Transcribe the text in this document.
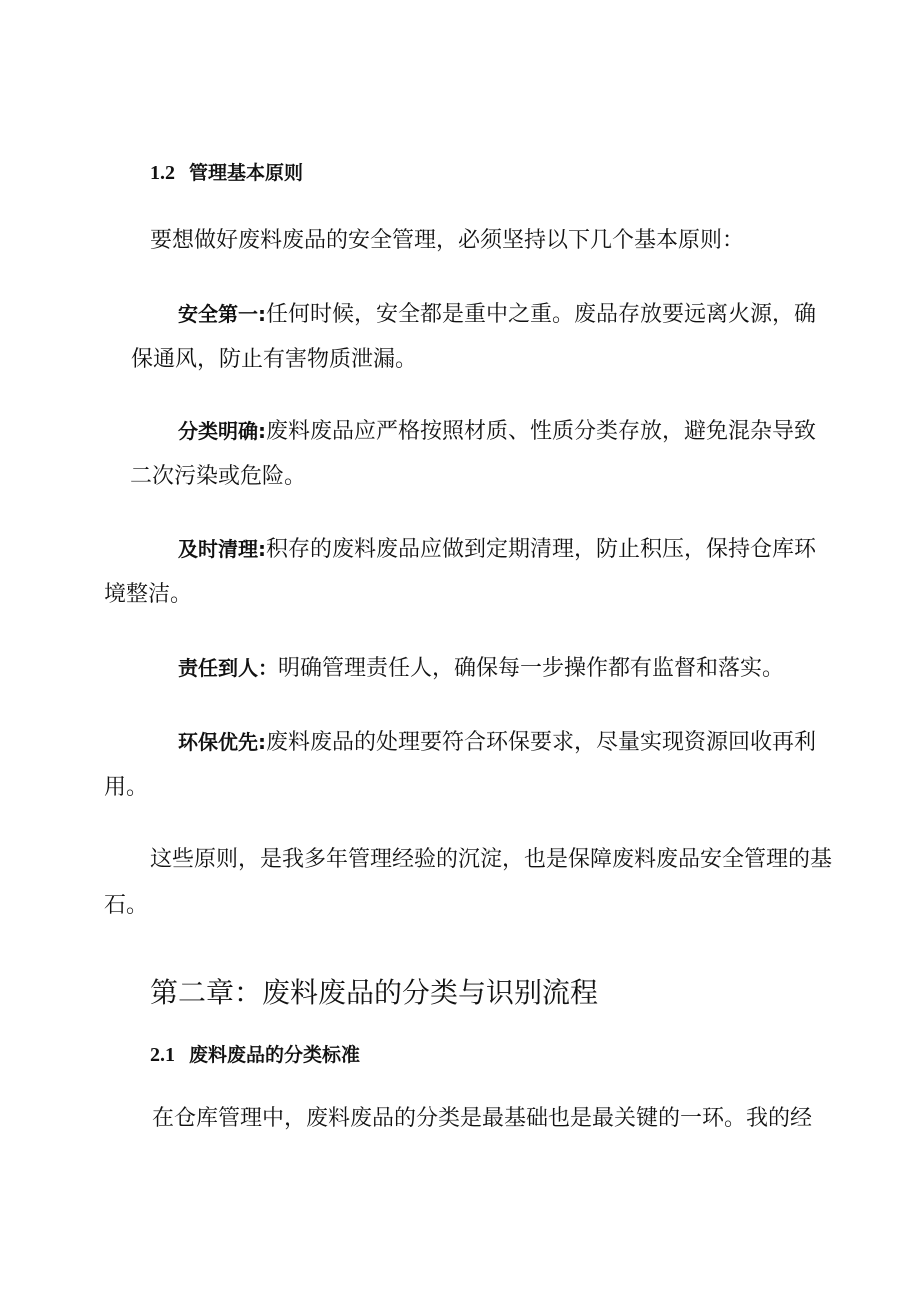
1.2 管理基本原则

要想做好废料废品的安全管理，必须坚持以下几个基本原则：

安全第一:任何时候，安全都是重中之重。废品存放要远离火源，确
保通风，防止有害物质泄漏。

分类明确:废料废品应严格按照材质、性质分类存放，避免混杂导致
二次污染或危险。

及时清理:积存的废料废品应做到定期清理，防止积压，保持仓库环
境整洁。

责任到人：明确管理责任人，确保每一步操作都有监督和落实。

环保优先:废料废品的处理要符合环保要求，尽量实现资源回收再利
用。

这些原则，是我多年管理经验的沉淀，也是保障废料废品安全管理的基
石。

第二章：废料废品的分类与识别流程
2.1 废料废品的分类标准

在仓库管理中，废料废品的分类是最基础也是最关键的一环。我的经
